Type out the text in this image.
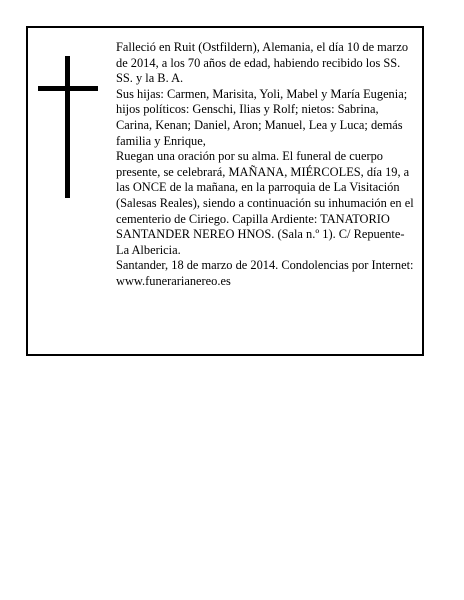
Falleció en Ruit (Ostfildern), Alemania, el día 10 de marzo de 2014, a los 70 años de edad, habiendo recibido los SS. SS. y la B. A.

Sus hijas: Carmen, Marisita, Yoli, Mabel y María Eugenia; hijos políticos: Genschi, Ilias y Rolf; nietos: Sabrina, Carina, Kenan; Daniel, Aron; Manuel, Lea y Luca; demás familia y Enrique,

Ruegan una oración por su alma. El funeral de cuerpo presente, se celebrará, MAÑANA, MIÉRCOLES, día 19, a las ONCE de la mañana, en la parroquia de La Visitación (Salesas Reales), siendo a continuación su inhumación en el cementerio de Ciriego. Capilla Ardiente: TANATORIO SANTANDER NEREO HNOS. (Sala n.º 1). C/ Repuente-La Albericia.

Santander, 18 de marzo de 2014. Condolencias por Internet: www.funerarianereo.es
